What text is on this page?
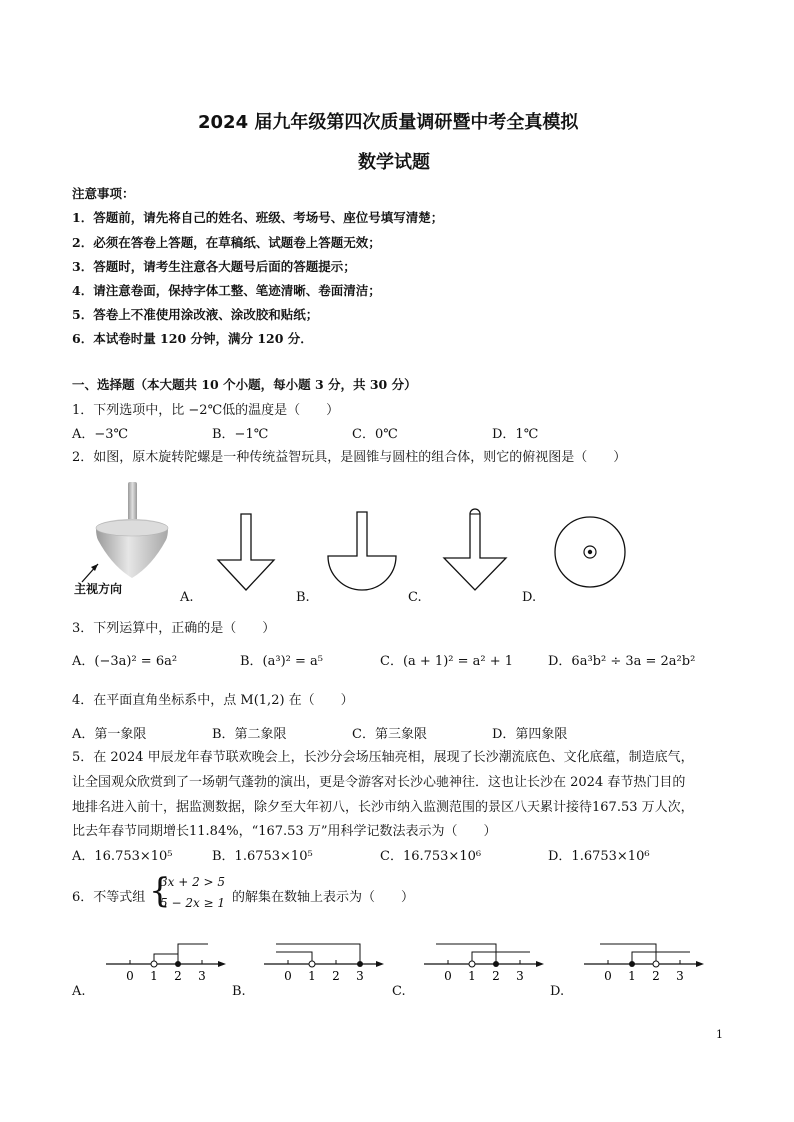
2024 届九年级第四次质量调研暨中考全真模拟
数学试题
注意事项：
1．答题前，请先将自己的姓名、班级、考场号、座位号填写清楚；
2．必须在答卷上答题，在草稿纸、试题卷上答题无效；
3．答题时，请考生注意各大题号后面的答题提示；
4．请注意卷面，保持字体工整、笔迹清晰、卷面清洁；
5．答卷上不准使用涂改液、涂改胶和贴纸；
6．本试卷时量 120 分钟，满分 120 分．
一、选择题（本大题共 10 个小题，每小题 3 分，共 30 分）
1．下列选项中，比 −2℃低的温度是（　　）
A．−3℃	B．−1℃	C．0℃	D．1℃
2．如图，原木旋转陀螺是一种传统益智玩具，是圆锥与圆柱的组合体，则它的俯视图是（　　）
主视方向
A.	B.	C.	D.
3．下列运算中，正确的是（　　）
A．(−3a)² = 6a²	B．(a³)² = a⁵	C．(a + 1)² = a² + 1	D．6a³b² ÷ 3a = 2a²b²
4．在平面直角坐标系中，点 M(1,2) 在（　　）
A．第一象限	B．第二象限	C．第三象限	D．第四象限
5．在 2024 甲辰龙年春节联欢晚会上，长沙分会场压轴亮相，展现了长沙潮流底色、文化底蕴，制造底气，
让全国观众欣赏到了一场朝气蓬勃的演出，更是令游客对长沙心驰神往．这也让长沙在 2024 春节热门目的
地排名进入前十，据监测数据，除夕至大年初八，长沙市纳入监测范围的景区八天累计接待167.53 万人次，
比去年春节同期增长11.84%，“167.53 万”用科学记数法表示为（　　）
A．16.753×10⁵	B．1.6753×10⁵	C．16.753×10⁶	D．1.6753×10⁶
6．不等式组 {
3x + 2 > 5
5 − 2x ≥ 1 的解集在数轴上表示为（　　）
0 1 2 3
A.
0 1 2 3
B.
0 1 2 3
C.
0 1 2 3
D.
1
